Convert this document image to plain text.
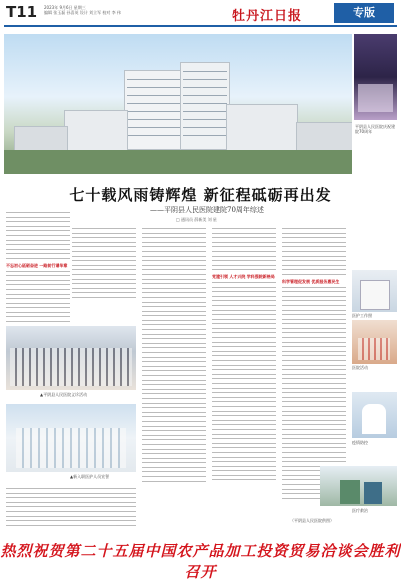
T11 2023年 9月6日 星期三
编辑 张玉磊 孙喜英 设计 刘立军 校对 李 伟	牡丹江日报	专版
平阴县人民医院庆祝建院70周年
七十载风雨铸辉煌 新征程砥砺再出发
——平阴县人民医院建院70周年综述
□ 通讯员 薛新美 刘 星
不忘初心砥砺奋进 一路前行谱华章
▲平阴县人民医院义诊活动
▲新入职医护人员宣誓
党建引领 人才兴院 学科强院新格局
科学管理促发展 优质服务惠民生
（平阴县人民医院供图）
医护工作照
医院活动
疫情防控
医疗救治
热烈祝贺第二十五届中国农产品加工投资贸易洽谈会胜利召开
